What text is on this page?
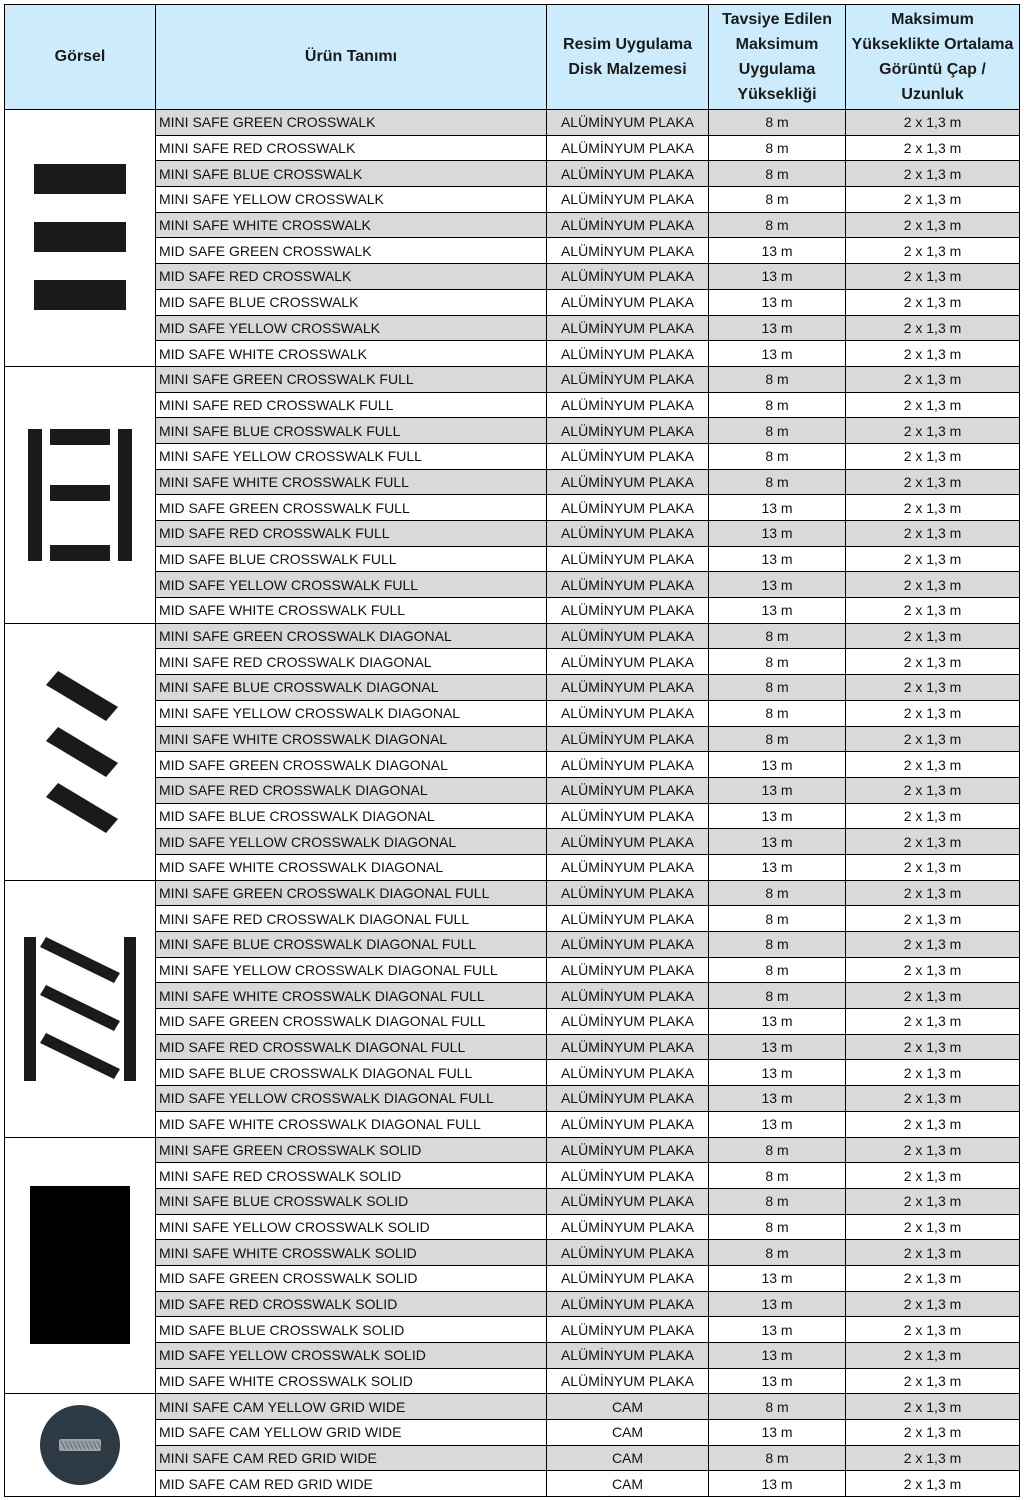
Görsel	Ürün Tanımı	Resim Uygulama Disk Malzemesi	Tavsiye Edilen Maksimum Uygulama Yüksekliği	Maksimum Yükseklikte Ortalama Görüntü Çap / Uzunluk

	MINI SAFE GREEN CROSSWALK	ALÜMİNYUM PLAKA	8 m	2 x 1,3 m
	MINI SAFE RED CROSSWALK	ALÜMİNYUM PLAKA	8 m	2 x 1,3 m
	MINI SAFE BLUE CROSSWALK	ALÜMİNYUM PLAKA	8 m	2 x 1,3 m
	MINI SAFE YELLOW CROSSWALK	ALÜMİNYUM PLAKA	8 m	2 x 1,3 m
	MINI SAFE WHITE CROSSWALK	ALÜMİNYUM PLAKA	8 m	2 x 1,3 m
	MID SAFE GREEN CROSSWALK	ALÜMİNYUM PLAKA	13 m	2 x 1,3 m
	MID SAFE RED CROSSWALK	ALÜMİNYUM PLAKA	13 m	2 x 1,3 m
	MID SAFE BLUE CROSSWALK	ALÜMİNYUM PLAKA	13 m	2 x 1,3 m
	MID SAFE YELLOW CROSSWALK	ALÜMİNYUM PLAKA	13 m	2 x 1,3 m
	MID SAFE WHITE CROSSWALK	ALÜMİNYUM PLAKA	13 m	2 x 1,3 m

	MINI SAFE GREEN CROSSWALK FULL	ALÜMİNYUM PLAKA	8 m	2 x 1,3 m
	MINI SAFE RED CROSSWALK FULL	ALÜMİNYUM PLAKA	8 m	2 x 1,3 m
	MINI SAFE BLUE CROSSWALK FULL	ALÜMİNYUM PLAKA	8 m	2 x 1,3 m
	MINI SAFE YELLOW CROSSWALK FULL	ALÜMİNYUM PLAKA	8 m	2 x 1,3 m
	MINI SAFE WHITE CROSSWALK FULL	ALÜMİNYUM PLAKA	8 m	2 x 1,3 m
	MID SAFE GREEN CROSSWALK FULL	ALÜMİNYUM PLAKA	13 m	2 x 1,3 m
	MID SAFE RED CROSSWALK FULL	ALÜMİNYUM PLAKA	13 m	2 x 1,3 m
	MID SAFE BLUE CROSSWALK FULL	ALÜMİNYUM PLAKA	13 m	2 x 1,3 m
	MID SAFE YELLOW CROSSWALK FULL	ALÜMİNYUM PLAKA	13 m	2 x 1,3 m
	MID SAFE WHITE CROSSWALK FULL	ALÜMİNYUM PLAKA	13 m	2 x 1,3 m

	MINI SAFE GREEN CROSSWALK DIAGONAL	ALÜMİNYUM PLAKA	8 m	2 x 1,3 m
	MINI SAFE RED CROSSWALK DIAGONAL	ALÜMİNYUM PLAKA	8 m	2 x 1,3 m
	MINI SAFE BLUE CROSSWALK DIAGONAL	ALÜMİNYUM PLAKA	8 m	2 x 1,3 m
	MINI SAFE YELLOW CROSSWALK DIAGONAL	ALÜMİNYUM PLAKA	8 m	2 x 1,3 m
	MINI SAFE WHITE CROSSWALK DIAGONAL	ALÜMİNYUM PLAKA	8 m	2 x 1,3 m
	MID SAFE GREEN CROSSWALK DIAGONAL	ALÜMİNYUM PLAKA	13 m	2 x 1,3 m
	MID SAFE RED CROSSWALK DIAGONAL	ALÜMİNYUM PLAKA	13 m	2 x 1,3 m
	MID SAFE BLUE CROSSWALK DIAGONAL	ALÜMİNYUM PLAKA	13 m	2 x 1,3 m
	MID SAFE YELLOW CROSSWALK DIAGONAL	ALÜMİNYUM PLAKA	13 m	2 x 1,3 m
	MID SAFE WHITE CROSSWALK DIAGONAL	ALÜMİNYUM PLAKA	13 m	2 x 1,3 m

	MINI SAFE GREEN CROSSWALK DIAGONAL FULL	ALÜMİNYUM PLAKA	8 m	2 x 1,3 m
	MINI SAFE RED CROSSWALK DIAGONAL FULL	ALÜMİNYUM PLAKA	8 m	2 x 1,3 m
	MINI SAFE BLUE CROSSWALK DIAGONAL FULL	ALÜMİNYUM PLAKA	8 m	2 x 1,3 m
	MINI SAFE YELLOW CROSSWALK DIAGONAL FULL	ALÜMİNYUM PLAKA	8 m	2 x 1,3 m
	MINI SAFE WHITE CROSSWALK DIAGONAL FULL	ALÜMİNYUM PLAKA	8 m	2 x 1,3 m
	MID SAFE GREEN CROSSWALK DIAGONAL FULL	ALÜMİNYUM PLAKA	13 m	2 x 1,3 m
	MID SAFE RED CROSSWALK DIAGONAL FULL	ALÜMİNYUM PLAKA	13 m	2 x 1,3 m
	MID SAFE BLUE CROSSWALK DIAGONAL FULL	ALÜMİNYUM PLAKA	13 m	2 x 1,3 m
	MID SAFE YELLOW CROSSWALK DIAGONAL FULL	ALÜMİNYUM PLAKA	13 m	2 x 1,3 m
	MID SAFE WHITE CROSSWALK DIAGONAL FULL	ALÜMİNYUM PLAKA	13 m	2 x 1,3 m

	MINI SAFE GREEN CROSSWALK SOLID	ALÜMİNYUM PLAKA	8 m	2 x 1,3 m
	MINI SAFE RED CROSSWALK SOLID	ALÜMİNYUM PLAKA	8 m	2 x 1,3 m
	MINI SAFE BLUE CROSSWALK SOLID	ALÜMİNYUM PLAKA	8 m	2 x 1,3 m
	MINI SAFE YELLOW CROSSWALK SOLID	ALÜMİNYUM PLAKA	8 m	2 x 1,3 m
	MINI SAFE WHITE CROSSWALK SOLID	ALÜMİNYUM PLAKA	8 m	2 x 1,3 m
	MID SAFE GREEN CROSSWALK SOLID	ALÜMİNYUM PLAKA	13 m	2 x 1,3 m
	MID SAFE RED CROSSWALK SOLID	ALÜMİNYUM PLAKA	13 m	2 x 1,3 m
	MID SAFE BLUE CROSSWALK SOLID	ALÜMİNYUM PLAKA	13 m	2 x 1,3 m
	MID SAFE YELLOW CROSSWALK SOLID	ALÜMİNYUM PLAKA	13 m	2 x 1,3 m
	MID SAFE WHITE CROSSWALK SOLID	ALÜMİNYUM PLAKA	13 m	2 x 1,3 m

	MINI SAFE CAM YELLOW GRID WIDE	CAM	8 m	2 x 1,3 m
	MID SAFE CAM YELLOW GRID WIDE	CAM	13 m	2 x 1,3 m
	MINI SAFE CAM RED GRID WIDE	CAM	8 m	2 x 1,3 m
	MID SAFE CAM RED GRID WIDE	CAM	13 m	2 x 1,3 m
